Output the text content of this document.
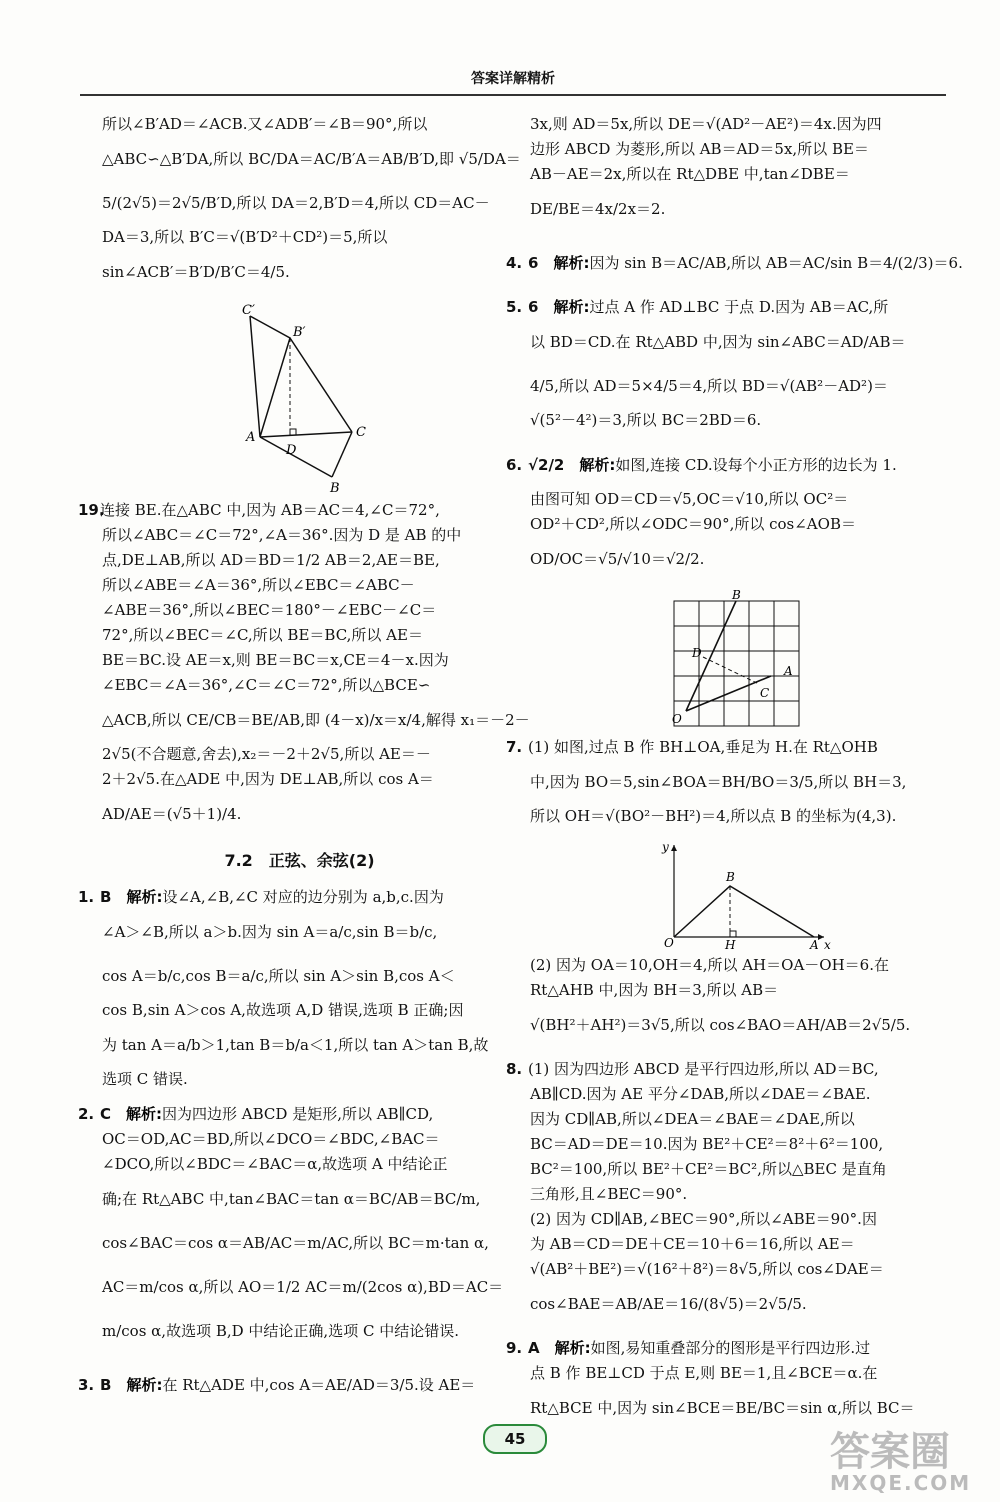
答案详解精析
所以∠B′AD＝∠ACB.又∠ADB′＝∠B＝90°,所以
△ABC∽△B′DA,所以 BC/DA＝AC/B′A＝AB/B′D,即 √5/DA＝
5/(2√5)＝2√5/B′D,所以 DA＝2,B′D＝4,所以 CD＝AC－
DA＝3,所以 B′C＝√(B′D²＋CD²)＝5,所以
sin∠ACB′＝B′D/B′C＝4/5.
C′
B′
A
D
C
B
19.连接 BE.在△ABC 中,因为 AB＝AC＝4,∠C＝72°,
所以∠ABC＝∠C＝72°,∠A＝36°.因为 D 是 AB 的中
点,DE⊥AB,所以 AD＝BD＝1/2 AB＝2,AE＝BE,
所以∠ABE＝∠A＝36°,所以∠EBC＝∠ABC－
∠ABE＝36°,所以∠BEC＝180°－∠EBC－∠C＝
72°,所以∠BEC＝∠C,所以 BE＝BC,所以 AE＝
BE＝BC.设 AE＝x,则 BE＝BC＝x,CE＝4－x.因为
∠EBC＝∠A＝36°,∠C＝∠C＝72°,所以△BCE∽
△ACB,所以 CE/CB＝BE/AB,即 (4－x)/x＝x/4,解得 x₁＝－2－
2√5(不合题意,舍去),x₂＝－2＋2√5,所以 AE＝－
2＋2√5.在△ADE 中,因为 DE⊥AB,所以 cos A＝
AD/AE＝(√5＋1)/4.
7.2　正弦、余弦(2)
1. B　 解析:设∠A,∠B,∠C 对应的边分别为 a,b,c.因为
∠A＞∠B,所以 a＞b.因为 sin A＝a/c,sin B＝b/c,
cos A＝b/c,cos B＝a/c,所以 sin A＞sin B,cos A＜
cos B,sin A＞cos A,故选项 A,D 错误,选项 B 正确;因
为 tan A＝a/b＞1,tan B＝b/a＜1,所以 tan A＞tan B,故
选项 C 错误.
2. C　 解析:因为四边形 ABCD 是矩形,所以 AB∥CD,
OC＝OD,AC＝BD,所以∠DCO＝∠BDC,∠BAC＝
∠DCO,所以∠BDC＝∠BAC＝α,故选项 A 中结论正
确;在 Rt△ABC 中,tan∠BAC＝tan α＝BC/AB＝BC/m,
cos∠BAC＝cos α＝AB/AC＝m/AC,所以 BC＝m·tan α,
AC＝m/cos α,所以 AO＝1/2 AC＝m/(2cos α),BD＝AC＝
m/cos α,故选项 B,D 中结论正确,选项 C 中结论错误.
3. B　 解析:在 Rt△ADE 中,cos A＝AE/AD＝3/5.设 AE＝
3x,则 AD＝5x,所以 DE＝√(AD²－AE²)＝4x.因为四
边形 ABCD 为菱形,所以 AB＝AD＝5x,所以 BE＝
AB－AE＝2x,所以在 Rt△DBE 中,tan∠DBE＝
DE/BE＝4x/2x＝2.
4. 6　 解析:因为 sin B＝AC/AB,所以 AB＝AC/sin B＝4/(2/3)＝6.
5. 6　 解析:过点 A 作 AD⊥BC 于点 D.因为 AB＝AC,所
以 BD＝CD.在 Rt△ABD 中,因为 sin∠ABC＝AD/AB＝
4/5,所以 AD＝5×4/5＝4,所以 BD＝√(AB²－AD²)＝
√(5²－4²)＝3,所以 BC＝2BD＝6.
6. √2/2　 解析:如图,连接 CD.设每个小正方形的边长为 1.
由图可知 OD＝CD＝√5,OC＝√10,所以 OC²＝
OD²＋CD²,所以∠ODC＝90°,所以 cos∠AOB＝
OD/OC＝√5/√10＝√2/2.
B
D
A
C
O
7. (1) 如图,过点 B 作 BH⊥OA,垂足为 H.在 Rt△OHB
中,因为 BO＝5,sin∠BOA＝BH/BO＝3/5,所以 BH＝3,
所以 OH＝√(BO²－BH²)＝4,所以点 B 的坐标为(4,3).
y
B
O	H	A x
(2) 因为 OA＝10,OH＝4,所以 AH＝OA－OH＝6.在
Rt△AHB 中,因为 BH＝3,所以 AB＝
√(BH²＋AH²)＝3√5,所以 cos∠BAO＝AH/AB＝2√5/5.
8. (1) 因为四边形 ABCD 是平行四边形,所以 AD＝BC,
AB∥CD.因为 AE 平分∠DAB,所以∠DAE＝∠BAE.
因为 CD∥AB,所以∠DEA＝∠BAE＝∠DAE,所以
BC＝AD＝DE＝10.因为 BE²＋CE²＝8²＋6²＝100,
BC²＝100,所以 BE²＋CE²＝BC²,所以△BEC 是直角
三角形,且∠BEC＝90°.
(2) 因为 CD∥AB,∠BEC＝90°,所以∠ABE＝90°.因
为 AB＝CD＝DE＋CE＝10＋6＝16,所以 AE＝
√(AB²＋BE²)＝√(16²＋8²)＝8√5,所以 cos∠DAE＝
cos∠BAE＝AB/AE＝16/(8√5)＝2√5/5.
9. A　 解析:如图,易知重叠部分的图形是平行四边形.过
点 B 作 BE⊥CD 于点 E,则 BE＝1,且∠BCE＝α.在
Rt△BCE 中,因为 sin∠BCE＝BE/BC＝sin α,所以 BC＝
45	答案圈
MXQE.COM
